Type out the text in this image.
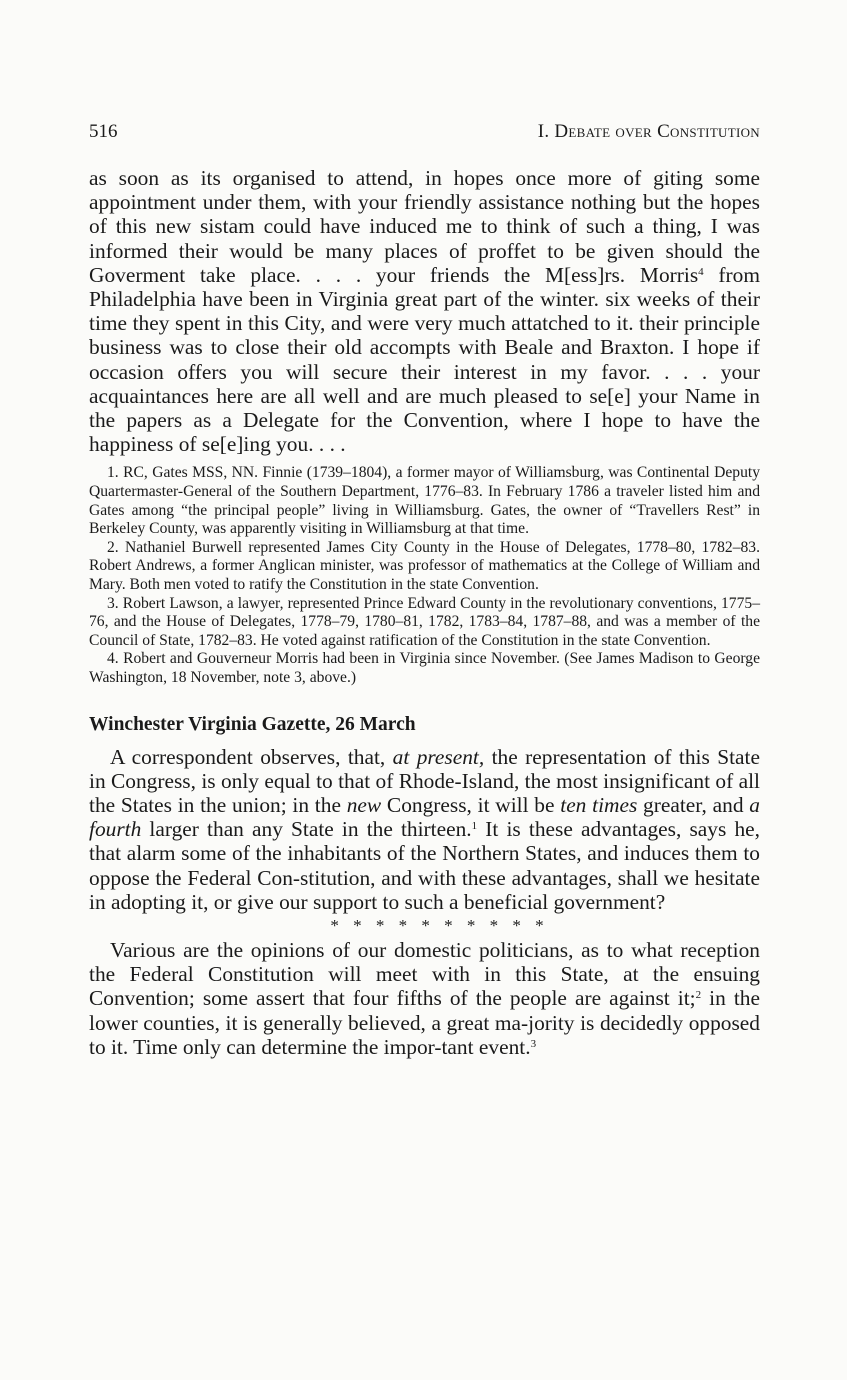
516	I. Debate over Constitution

as soon as its organised to attend, in hopes once more of giting some appointment under them, with your friendly assistance nothing but the hopes of this new sistam could have induced me to think of such a thing, I was informed their would be many places of proffet to be given should the Goverment take place. . . . your friends the M[ess]rs. Morris$^4$ from Philadelphia have been in Virginia great part of the winter. six weeks of their time they spent in this City, and were very much attatched to it. their principle business was to close their old accompts with Beale and Braxton. I hope if occasion offers you will secure their interest in my favor. . . . your acquaintances here are all well and are much pleased to se[e] your Name in the papers as a Delegate for the Convention, where I hope to have the happiness of se[e]ing you. . . .

1. RC, Gates MSS, NN. Finnie (1739–1804), a former mayor of Williamsburg, was Continental Deputy Quartermaster-General of the Southern Department, 1776–83. In February 1786 a traveler listed him and Gates among “the principal people” living in Williamsburg. Gates, the owner of “Travellers Rest” in Berkeley County, was apparently visiting in Williamsburg at that time.

2. Nathaniel Burwell represented James City County in the House of Delegates, 1778–80, 1782–83. Robert Andrews, a former Anglican minister, was professor of mathematics at the College of William and Mary. Both men voted to ratify the Constitution in the state Convention.

3. Robert Lawson, a lawyer, represented Prince Edward County in the revolutionary conventions, 1775–76, and the House of Delegates, 1778–79, 1780–81, 1782, 1783–84, 1787–88, and was a member of the Council of State, 1782–83. He voted against ratification of the Constitution in the state Convention.

4. Robert and Gouverneur Morris had been in Virginia since November. (See James Madison to George Washington, 18 November, note 3, above.)

Winchester Virginia Gazette, 26 March

A correspondent observes, that, at present, the representation of this State in Congress, is only equal to that of Rhode-Island, the most insignificant of all the States in the union; in the new Congress, it will be ten times greater, and a fourth larger than any State in the thirteen.$^1$ It is these advantages, says he, that alarm some of the inhabitants of the Northern States, and induces them to oppose the Federal Con-stitution, and with these advantages, shall we hesitate in adopting it, or give our support to such a beneficial government?

* * * * * * * * * *

Various are the opinions of our domestic politicians, as to what reception the Federal Constitution will meet with in this State, at the ensuing Convention; some assert that four fifths of the people are against it;$^2$ in the lower counties, it is generally believed, a great ma-jority is decidedly opposed to it. Time only can determine the impor-tant event.$^3$
